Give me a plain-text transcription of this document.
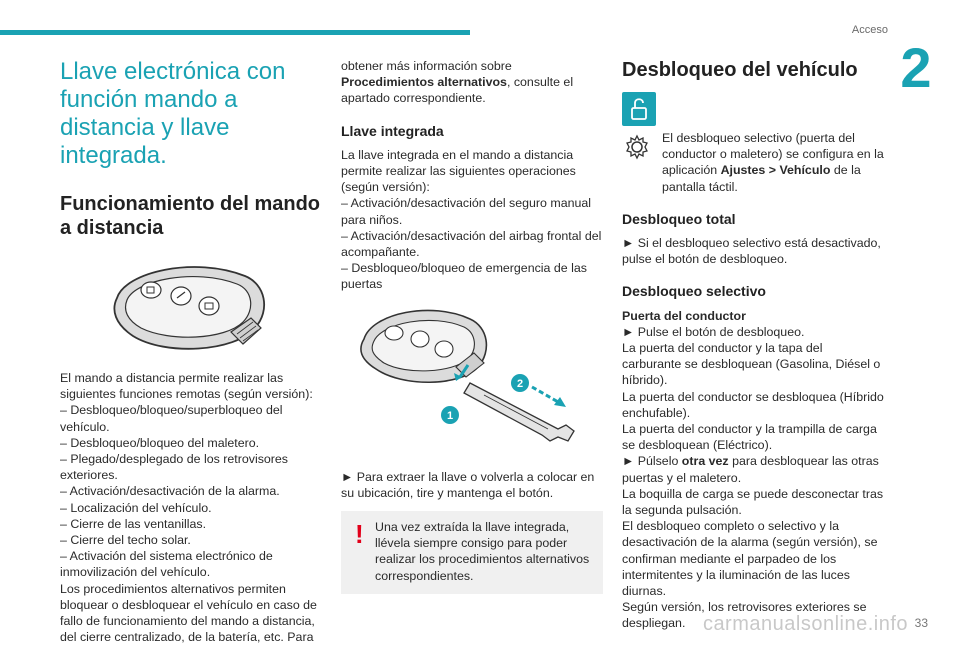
Acceso
2
Llave electrónica con función mando a distancia y llave integrada.
Funcionamiento del mando a distancia

El mando a distancia permite realizar las siguientes funciones remotas (según versión):

– Desbloqueo/bloqueo/superbloqueo del vehículo.

– Desbloqueo/bloqueo del maletero.

– Plegado/desplegado de los retrovisores exteriores.

– Activación/desactivación de la alarma.

– Localización del vehículo.

– Cierre de las ventanillas.

– Cierre del techo solar.

– Activación del sistema electrónico de inmovilización del vehículo.

Los procedimientos alternativos permiten bloquear o desbloquear el vehículo en caso de fallo de funcionamiento del mando a distancia, del cierre centralizado, de la batería, etc. Para

obtener más información sobre Procedimientos alternativos, consulte el apartado correspondiente.

Llave integrada

La llave integrada en el mando a distancia permite realizar las siguientes operaciones (según versión):

– Activación/desactivación del seguro manual para niños.

– Activación/desactivación del airbag frontal del acompañante.

– Desbloqueo/bloqueo de emergencia de las puertas

1
2

► Para extraer la llave o volverla a colocar en su ubicación, tire y mantenga el botón.

! Una vez extraída la llave integrada, llévela siempre consigo para poder realizar los procedimientos alternativos correspondientes.

Desbloqueo del vehículo

El desbloqueo selectivo (puerta del conductor o maletero) se configura en la aplicación Ajustes > Vehículo de la pantalla táctil.

Desbloqueo total

► Si el desbloqueo selectivo está desactivado, pulse el botón de desbloqueo.

Desbloqueo selectivo

Puerta del conductor

► Pulse el botón de desbloqueo.

La puerta del conductor y la tapa del carburante se desbloquean (Gasolina, Diésel o híbrido).

La puerta del conductor se desbloquea (Híbrido enchufable).

La puerta del conductor y la trampilla de carga se desbloquean (Eléctrico).

► Púlselo otra vez para desbloquear las otras puertas y el maletero.

La boquilla de carga se puede desconectar tras la segunda pulsación.

El desbloqueo completo o selectivo y la desactivación de la alarma (según versión), se confirman mediante el parpadeo de los intermitentes y la iluminación de las luces diurnas.

Según versión, los retrovisores exteriores se despliegan. carmanualsonline.info 33
